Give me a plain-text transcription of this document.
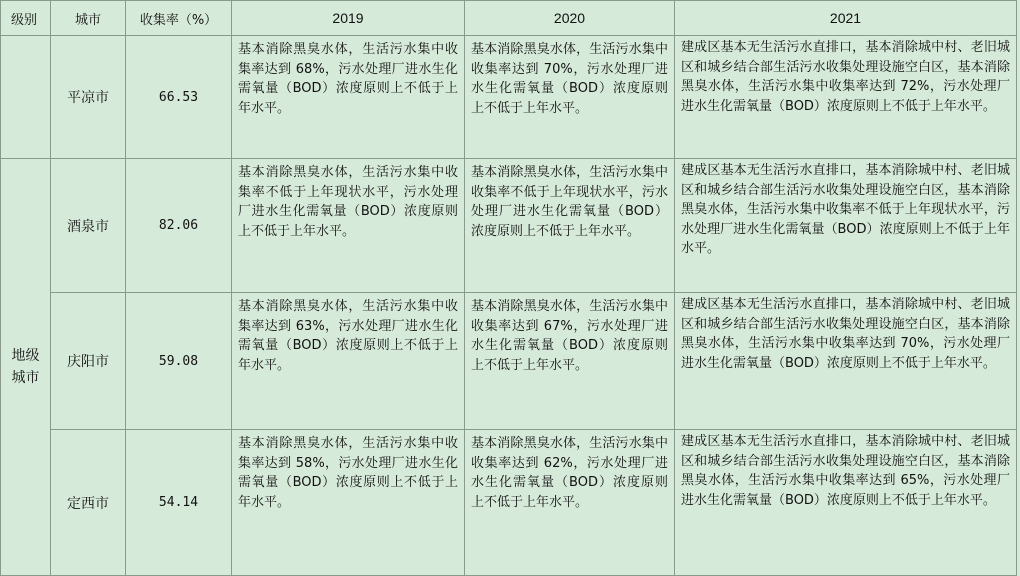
级别	城市	收集率（%）	2019	2020	2021
	平凉市	66.53	基本消除黑臭水体，生活污水集中收集率达到 68%，污水处理厂进水生化需氧量（BOD）浓度原则上不低于上年水平。	基本消除黑臭水体，生活污水集中收集率达到 70%，污水处理厂进水生化需氧量（BOD）浓度原则上不低于上年水平。	建成区基本无生活污水直排口，基本消除城中村、老旧城区和城乡结合部生活污水收集处理设施空白区，基本消除黑臭水体，生活污水集中收集率达到 72%，污水处理厂进水生化需氧量（BOD）浓度原则上不低于上年水平。
地级城市	酒泉市	82.06	基本消除黑臭水体，生活污水集中收集率不低于上年现状水平，污水处理厂进水生化需氧量（BOD）浓度原则上不低于上年水平。	基本消除黑臭水体，生活污水集中收集率不低于上年现状水平，污水处理厂进水生化需氧量（BOD）浓度原则上不低于上年水平。	建成区基本无生活污水直排口，基本消除城中村、老旧城区和城乡结合部生活污水收集处理设施空白区，基本消除黑臭水体，生活污水集中收集率不低于上年现状水平，污水处理厂进水生化需氧量（BOD）浓度原则上不低于上年水平。
	庆阳市	59.08	基本消除黑臭水体，生活污水集中收集率达到 63%，污水处理厂进水生化需氧量（BOD）浓度原则上不低于上年水平。	基本消除黑臭水体，生活污水集中收集率达到 67%，污水处理厂进水生化需氧量（BOD）浓度原则上不低于上年水平。	建成区基本无生活污水直排口，基本消除城中村、老旧城区和城乡结合部生活污水收集处理设施空白区，基本消除黑臭水体，生活污水集中收集率达到 70%，污水处理厂进水生化需氧量（BOD）浓度原则上不低于上年水平。
	定西市	54.14	基本消除黑臭水体，生活污水集中收集率达到 58%，污水处理厂进水生化需氧量（BOD）浓度原则上不低于上年水平。	基本消除黑臭水体，生活污水集中收集率达到 62%，污水处理厂进水生化需氧量（BOD）浓度原则上不低于上年水平。	建成区基本无生活污水直排口，基本消除城中村、老旧城区和城乡结合部生活污水收集处理设施空白区，基本消除黑臭水体，生活污水集中收集率达到 65%，污水处理厂进水生化需氧量（BOD）浓度原则上不低于上年水平。
